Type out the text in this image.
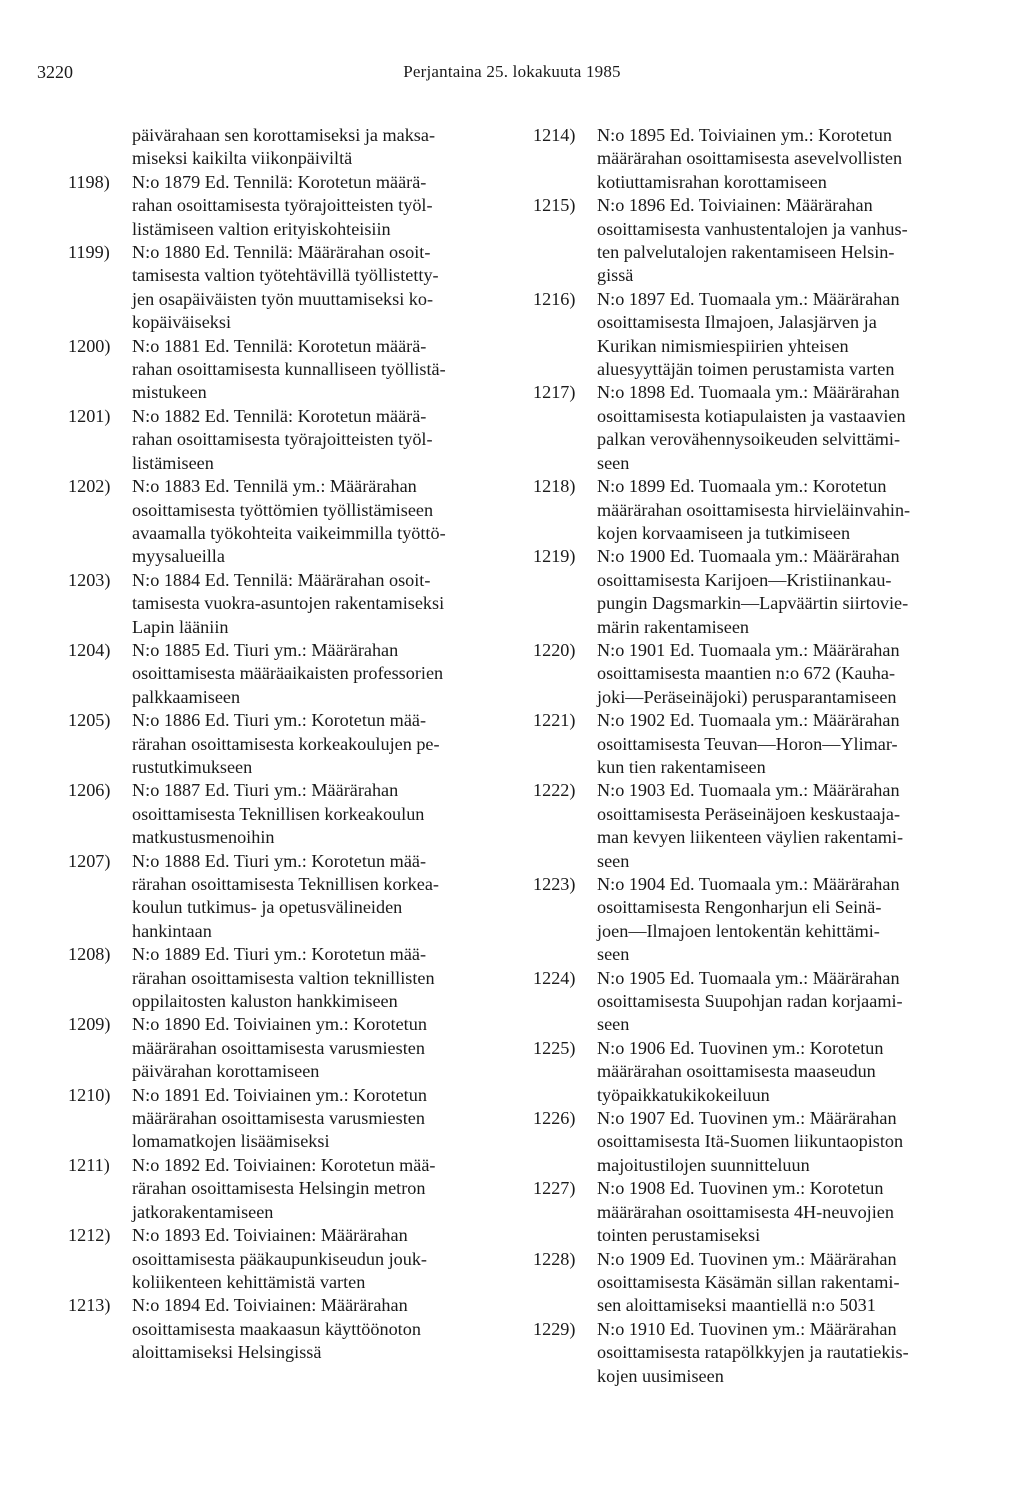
3220	Perjantaina 25. lokakuuta 1985
päivärahaan sen korottamiseksi ja maksa-
miseksi kaikilta viikonpäiviltä
1198)	N:o 1879 Ed. Tennilä: Korotetun määrä-
rahan osoittamisesta työrajoitteisten työl-
listämiseen valtion erityiskohteisiin
1199)	N:o 1880 Ed. Tennilä: Määrärahan osoit-
tamisesta valtion työtehtävillä työllistetty-
jen osapäiväisten työn muuttamiseksi ko-
kopäiväiseksi
1200)	N:o 1881 Ed. Tennilä: Korotetun määrä-
rahan osoittamisesta kunnalliseen työllistä-
mistukeen
1201)	N:o 1882 Ed. Tennilä: Korotetun määrä-
rahan osoittamisesta työrajoitteisten työl-
listämiseen
1202)	N:o 1883 Ed. Tennilä ym.: Määrärahan
osoittamisesta työttömien työllistämiseen
avaamalla työkohteita vaikeimmilla työttö-
myysalueilla
1203)	N:o 1884 Ed. Tennilä: Määrärahan osoit-
tamisesta vuokra-asuntojen rakentamiseksi
Lapin lääniin
1204)	N:o 1885 Ed. Tiuri ym.: Määrärahan
osoittamisesta määräaikaisten professorien
palkkaamiseen
1205)	N:o 1886 Ed. Tiuri ym.: Korotetun mää-
rärahan osoittamisesta korkeakoulujen pe-
rustutkimukseen
1206)	N:o 1887 Ed. Tiuri ym.: Määrärahan
osoittamisesta Teknillisen korkeakoulun
matkustusmenoihin
1207)	N:o 1888 Ed. Tiuri ym.: Korotetun mää-
rärahan osoittamisesta Teknillisen korkea-
koulun tutkimus- ja opetusvälineiden
hankintaan
1208)	N:o 1889 Ed. Tiuri ym.: Korotetun mää-
rärahan osoittamisesta valtion teknillisten
oppilaitosten kaluston hankkimiseen
1209)	N:o 1890 Ed. Toiviainen ym.: Korotetun
määrärahan osoittamisesta varusmiesten
päivärahan korottamiseen
1210)	N:o 1891 Ed. Toiviainen ym.: Korotetun
määrärahan osoittamisesta varusmiesten
lomamatkojen lisäämiseksi
1211)	N:o 1892 Ed. Toiviainen: Korotetun mää-
rärahan osoittamisesta Helsingin metron
jatkorakentamiseen
1212)	N:o 1893 Ed. Toiviainen: Määrärahan
osoittamisesta pääkaupunkiseudun jouk-
koliikenteen kehittämistä varten
1213)	N:o 1894 Ed. Toiviainen: Määrärahan
osoittamisesta maakaasun käyttöönoton
aloittamiseksi Helsingissä
1214)	N:o 1895 Ed. Toiviainen ym.: Korotetun
määrärahan osoittamisesta asevelvollisten
kotiuttamisrahan korottamiseen
1215)	N:o 1896 Ed. Toiviainen: Määrärahan
osoittamisesta vanhustentalojen ja vanhus-
ten palvelutalojen rakentamiseen Helsin-
gissä
1216)	N:o 1897 Ed. Tuomaala ym.: Määrärahan
osoittamisesta Ilmajoen, Jalasjärven ja
Kurikan nimismiespiirien yhteisen
aluesyyttäjän toimen perustamista varten
1217)	N:o 1898 Ed. Tuomaala ym.: Määrärahan
osoittamisesta kotiapulaisten ja vastaavien
palkan verovähennysoikeuden selvittämi-
seen
1218)	N:o 1899 Ed. Tuomaala ym.: Korotetun
määrärahan osoittamisesta hirvieläinvahin-
kojen korvaamiseen ja tutkimiseen
1219)	N:o 1900 Ed. Tuomaala ym.: Määrärahan
osoittamisesta Karijoen—Kristiinankau-
pungin Dagsmarkin—Lapväärtin siirtovie-
märin rakentamiseen
1220)	N:o 1901 Ed. Tuomaala ym.: Määrärahan
osoittamisesta maantien n:o 672 (Kauha-
joki—Peräseinäjoki) perusparantamiseen
1221)	N:o 1902 Ed. Tuomaala ym.: Määrärahan
osoittamisesta Teuvan—Horon—Ylimar-
kun tien rakentamiseen
1222)	N:o 1903 Ed. Tuomaala ym.: Määrärahan
osoittamisesta Peräseinäjoen keskustaaja-
man kevyen liikenteen väylien rakentami-
seen
1223)	N:o 1904 Ed. Tuomaala ym.: Määrärahan
osoittamisesta Rengonharjun eli Seinä-
joen—Ilmajoen lentokentän kehittämi-
seen
1224)	N:o 1905 Ed. Tuomaala ym.: Määrärahan
osoittamisesta Suupohjan radan korjaami-
seen
1225)	N:o 1906 Ed. Tuovinen ym.: Korotetun
määrärahan osoittamisesta maaseudun
työpaikkatukikokeiluun
1226)	N:o 1907 Ed. Tuovinen ym.: Määrärahan
osoittamisesta Itä-Suomen liikuntaopiston
majoitustilojen suunnitteluun
1227)	N:o 1908 Ed. Tuovinen ym.: Korotetun
määrärahan osoittamisesta 4H-neuvojien
tointen perustamiseksi
1228)	N:o 1909 Ed. Tuovinen ym.: Määrärahan
osoittamisesta Käsämän sillan rakentami-
sen aloittamiseksi maantiellä n:o 5031
1229)	N:o 1910 Ed. Tuovinen ym.: Määrärahan
osoittamisesta ratapölkkyjen ja rautatiekis-
kojen uusimiseen
